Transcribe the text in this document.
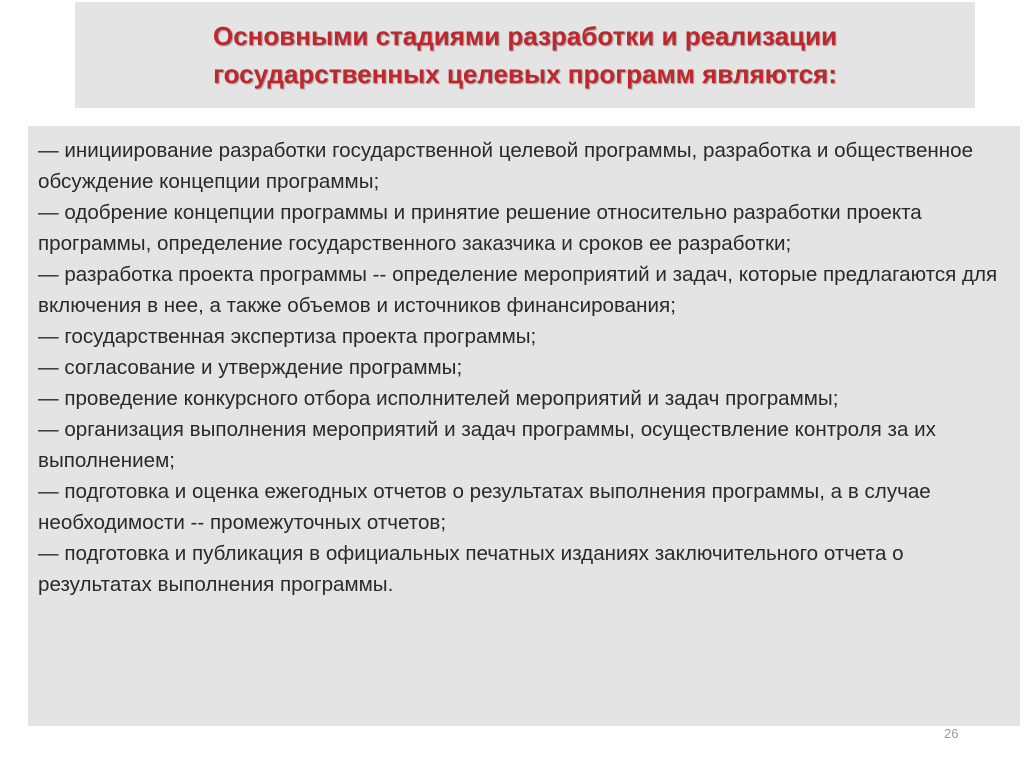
Основными стадиями разработки и реализации
государственных целевых программ являются:
— инициирование разработки государственной целевой программы, разработка и общественное обсуждение концепции программы;
— одобрение концепции программы и принятие решение относительно разработки проекта программы, определение государственного заказчика и сроков ее разработки;
— разработка проекта программы -- определение мероприятий и задач, которые предлагаются для включения в нее, а также объемов и источников финансирования;
— государственная экспертиза проекта программы;
— согласование и утверждение программы;
— проведение конкурсного отбора исполнителей мероприятий и задач программы;
— организация выполнения мероприятий и задач программы, осуществление контроля за их выполнением;
— подготовка и оценка ежегодных отчетов о результатах выполнения программы, а в случае необходимости -- промежуточных отчетов;
— подготовка и публикация в официальных печатных изданиях заключительного отчета о результатах выполнения программы.
26
